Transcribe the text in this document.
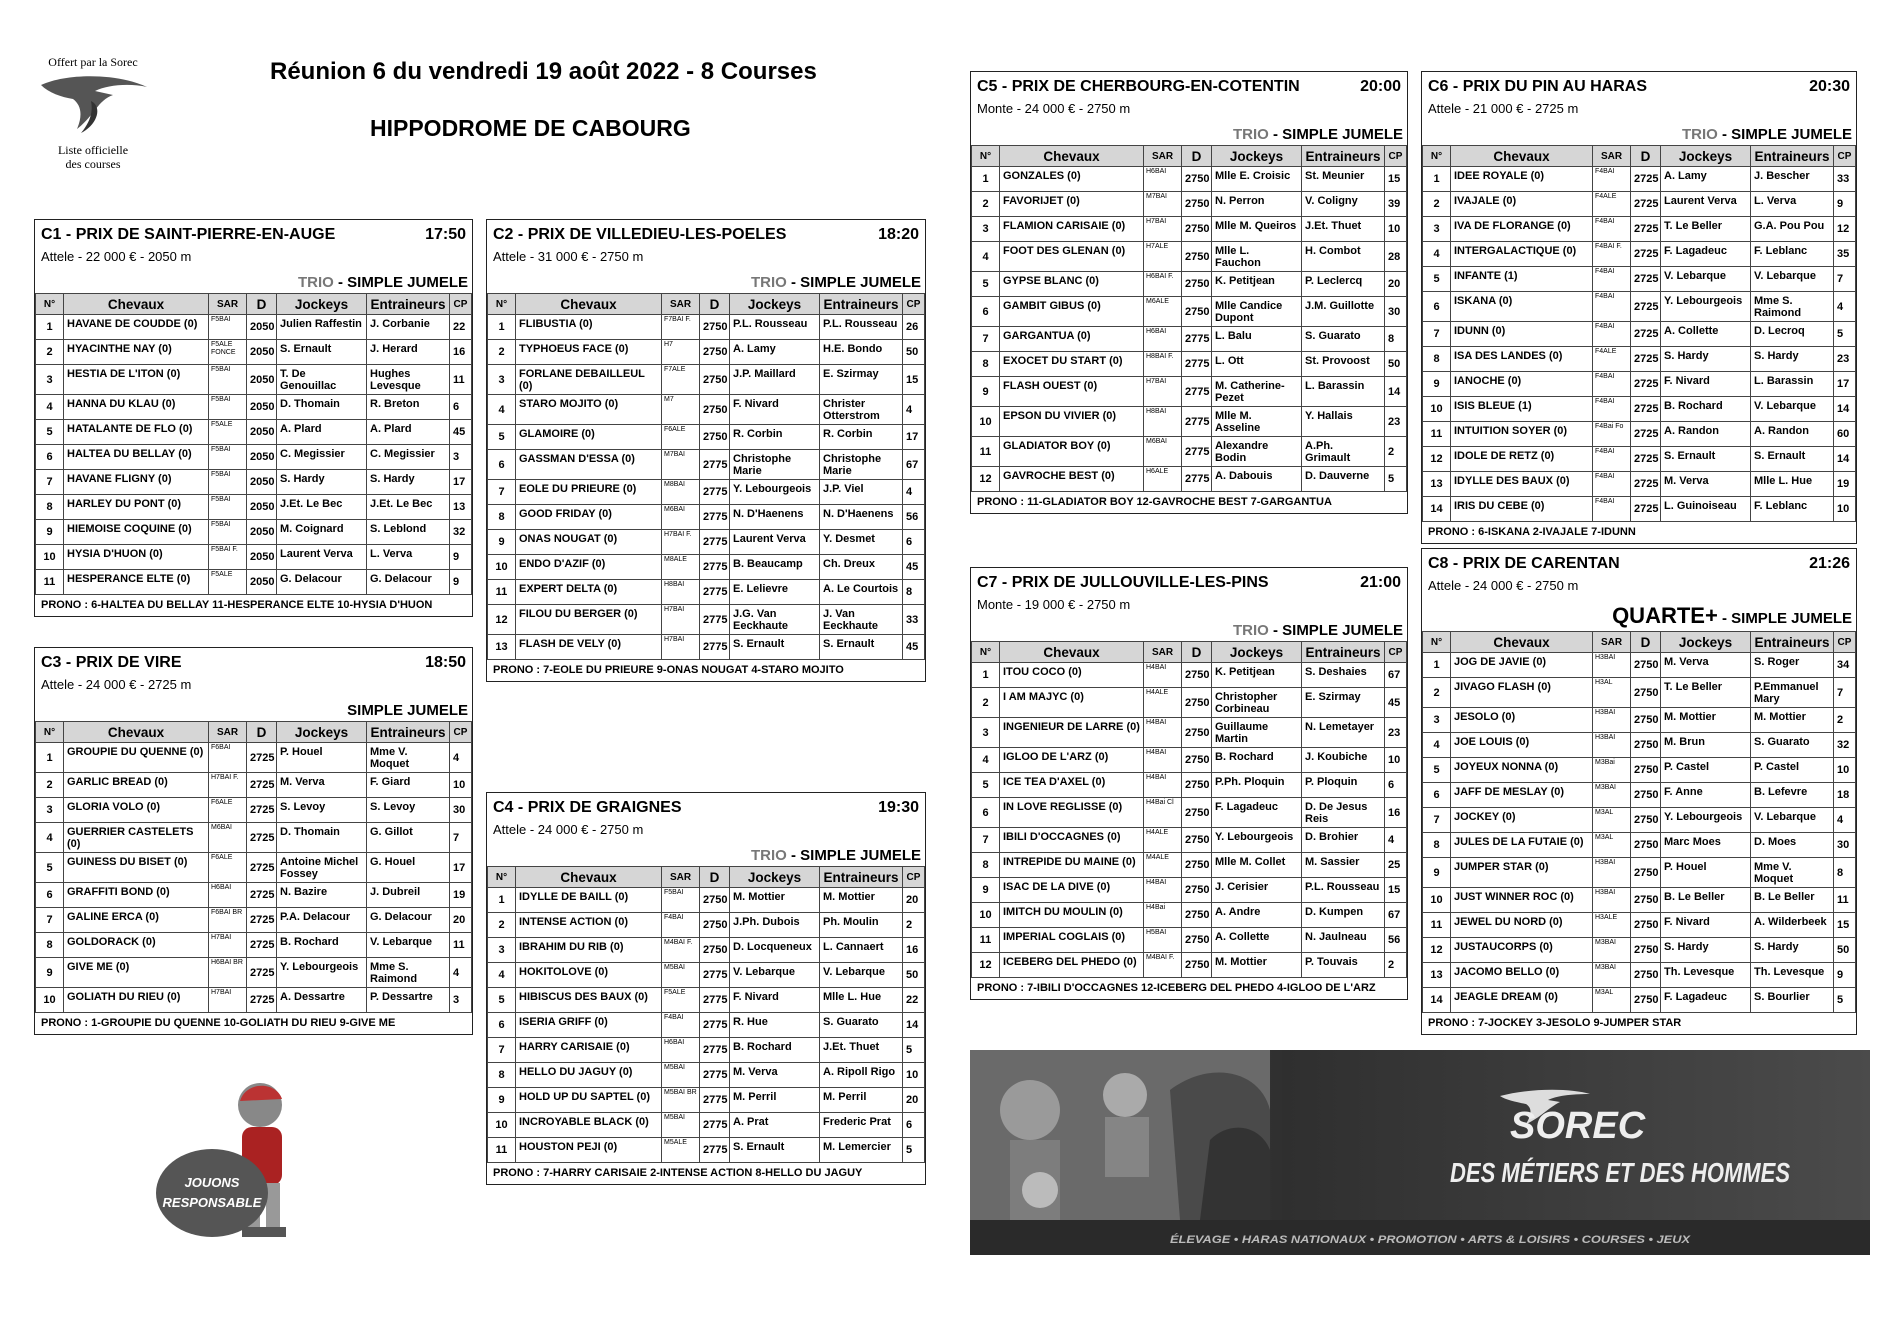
Offert par la Sorec
Liste officielle
des courses
Réunion 6 du vendredi 19 août 2022 - 8 Courses
HIPPODROME DE CABOURG
C1 - PRIX DE SAINT-PIERRE-EN-AUGE	17:50
Attele - 22 000 € - 2050 m
TRIO - SIMPLE JUMELE
N°	Chevaux	SAR	D	Jockeys	Entraineurs	CP
1	HAVANE DE COUDDE (0)	F5BAI	2050	Julien Raffestin	J. Corbanie	22
2	HYACINTHE NAY (0)	F5ALE FONCE	2050	S. Ernault	J. Herard	16
3	HESTIA DE L'ITON (0)	F5BAI	2050	T. De Genouillac	Hughes Levesque	11
4	HANNA DU KLAU (0)	F5BAI	2050	D. Thomain	R. Breton	6
5	HATALANTE DE FLO (0)	F5ALE	2050	A. Plard	A. Plard	45
6	HALTEA DU BELLAY (0)	F5BAI	2050	C. Megissier	C. Megissier	3
7	HAVANE FLIGNY (0)	F5BAI	2050	S. Hardy	S. Hardy	17
8	HARLEY DU PONT (0)	F5BAI	2050	J.Et. Le Bec	J.Et. Le Bec	13
9	HIEMOISE COQUINE (0)	F5BAI	2050	M. Coignard	S. Leblond	32
10	HYSIA D'HUON (0)	F5BAI F.	2050	Laurent Verva	L. Verva	9
11	HESPERANCE ELTE (0)	F5ALE	2050	G. Delacour	G. Delacour	9
PRONO : 6-HALTEA DU BELLAY 11-HESPERANCE ELTE 10-HYSIA D'HUON
C2 - PRIX DE VILLEDIEU-LES-POELES	18:20
Attele - 31 000 € - 2750 m
TRIO - SIMPLE JUMELE
N°	Chevaux	SAR	D	Jockeys	Entraineurs	CP
1	FLIBUSTIA (0)	F7BAI F.	2750	P.L. Rousseau	P.L. Rousseau	26
2	TYPHOEUS FACE (0)	H7	2750	A. Lamy	H.E. Bondo	50
3	FORLANE DEBAILLEUL (0)	F7ALE	2750	J.P. Maillard	E. Szirmay	15
4	STARO MOJITO (0)	M7	2750	F. Nivard	Christer Otterstrom	4
5	GLAMOIRE (0)	F6ALE	2750	R. Corbin	R. Corbin	17
6	GASSMAN D'ESSA (0)	M7BAI	2775	Christophe Marie	Christophe Marie	67
7	EOLE DU PRIEURE (0)	M8BAI	2775	Y. Lebourgeois	J.P. Viel	4
8	GOOD FRIDAY (0)	M6BAI	2775	N. D'Haenens	N. D'Haenens	56
9	ONAS NOUGAT (0)	H7BAI F.	2775	Laurent Verva	Y. Desmet	6
10	ENDO D'AZIF (0)	M8ALE	2775	B. Beaucamp	Ch. Dreux	45
11	EXPERT DELTA (0)	H8BAI	2775	E. Lelievre	A. Le Courtois	8
12	FILOU DU BERGER (0)	H7BAI	2775	J.G. Van Eeckhaute	J. Van Eeckhaute	33
13	FLASH DE VELY (0)	H7BAI	2775	S. Ernault	S. Ernault	45
PRONO : 7-EOLE DU PRIEURE 9-ONAS NOUGAT 4-STARO MOJITO
C3 - PRIX DE VIRE	18:50
Attele - 24 000 € - 2725 m
SIMPLE JUMELE
N°	Chevaux	SAR	D	Jockeys	Entraineurs	CP
1	GROUPIE DU QUENNE (0)	F6BAI	2725	P. Houel	Mme V. Moquet	4
2	GARLIC BREAD (0)	H7BAI F.	2725	M. Verva	F. Giard	10
3	GLORIA VOLO (0)	F6ALE	2725	S. Levoy	S. Levoy	30
4	GUERRIER CASTELETS (0)	M6BAI	2725	D. Thomain	G. Gillot	7
5	GUINESS DU BISET (0)	F6ALE	2725	Antoine Michel Fossey	G. Houel	17
6	GRAFFITI BOND (0)	H6BAI	2725	N. Bazire	J. Dubreil	19
7	GALINE ERCA (0)	F6BAI BR	2725	P.A. Delacour	G. Delacour	20
8	GOLDORACK (0)	H7BAI	2725	B. Rochard	V. Lebarque	11
9	GIVE ME (0)	H6BAI BR	2725	Y. Lebourgeois	Mme S. Raimond	4
10	GOLIATH DU RIEU (0)	H7BAI	2725	A. Dessartre	P. Dessartre	3
PRONO : 1-GROUPIE DU QUENNE 10-GOLIATH DU RIEU 9-GIVE ME
C4 - PRIX DE GRAIGNES	19:30
Attele - 24 000 € - 2750 m
TRIO - SIMPLE JUMELE
N°	Chevaux	SAR	D	Jockeys	Entraineurs	CP
1	IDYLLE DE BAILL (0)	F5BAI	2750	M. Mottier	M. Mottier	20
2	INTENSE ACTION (0)	F4BAI	2750	J.Ph. Dubois	Ph. Moulin	2
3	IBRAHIM DU RIB (0)	M4BAI F.	2750	D. Locqueneux	L. Cannaert	16
4	HOKITOLOVE (0)	M5BAI	2775	V. Lebarque	V. Lebarque	50
5	HIBISCUS DES BAUX (0)	F5ALE	2775	F. Nivard	Mlle L. Hue	22
6	ISERIA GRIFF (0)	F4BAI	2775	R. Hue	S. Guarato	14
7	HARRY CARISAIE (0)	H6BAI	2775	B. Rochard	J.Et. Thuet	5
8	HELLO DU JAGUY (0)	M5BAI	2775	M. Verva	A. Ripoll Rigo	10
9	HOLD UP DU SAPTEL (0)	M5BAI BR	2775	M. Perril	M. Perril	20
10	INCROYABLE BLACK (0)	M5BAI	2775	A. Prat	Frederic Prat	6
11	HOUSTON PEJI (0)	M5ALE	2775	S. Ernault	M. Lemercier	5
PRONO : 7-HARRY CARISAIE 2-INTENSE ACTION 8-HELLO DU JAGUY
C5 - PRIX DE CHERBOURG-EN-COTENTIN	20:00
Monte - 24 000 € - 2750 m
TRIO - SIMPLE JUMELE
N°	Chevaux	SAR	D	Jockeys	Entraineurs	CP
1	GONZALES (0)	H6BAI	2750	Mlle E. Croisic	St. Meunier	15
2	FAVORIJET (0)	M7BAI	2750	N. Perron	V. Coligny	39
3	FLAMION CARISAIE (0)	H7BAI	2750	Mlle M. Queiros	J.Et. Thuet	10
4	FOOT DES GLENAN (0)	H7ALE	2750	Mlle L. Fauchon	H. Combot	28
5	GYPSE BLANC (0)	H6BAI F.	2750	K. Petitjean	P. Leclercq	20
6	GAMBIT GIBUS (0)	M6ALE	2750	Mlle Candice Dupont	J.M. Guillotte	30
7	GARGANTUA (0)	H6BAI	2775	L. Balu	S. Guarato	8
8	EXOCET DU START (0)	H8BAI F.	2775	L. Ott	St. Provoost	50
9	FLASH OUEST (0)	H7BAI	2775	M. Catherine-Pezet	L. Barassin	14
10	EPSON DU VIVIER (0)	H8BAI	2775	Mlle M. Asseline	Y. Hallais	23
11	GLADIATOR BOY (0)	M6BAI	2775	Alexandre Bodin	A.Ph. Grimault	2
12	GAVROCHE BEST (0)	H6ALE	2775	A. Dabouis	D. Dauverne	5
PRONO : 11-GLADIATOR BOY 12-GAVROCHE BEST 7-GARGANTUA
C6 - PRIX DU PIN AU HARAS	20:30
Attele - 21 000 € - 2725 m
TRIO - SIMPLE JUMELE
N°	Chevaux	SAR	D	Jockeys	Entraineurs	CP
1	IDEE ROYALE (0)	F4BAI	2725	A. Lamy	J. Bescher	33
2	IVAJALE (0)	F4ALE	2725	Laurent Verva	L. Verva	9
3	IVA DE FLORANGE (0)	F4BAI	2725	T. Le Beller	G.A. Pou Pou	12
4	INTERGALACTIQUE (0)	F4BAI F.	2725	F. Lagadeuc	F. Leblanc	35
5	INFANTE (1)	F4BAI	2725	V. Lebarque	V. Lebarque	7
6	ISKANA (0)	F4BAI	2725	Y. Lebourgeois	Mme S. Raimond	4
7	IDUNN (0)	F4BAI	2725	A. Collette	D. Lecroq	5
8	ISA DES LANDES (0)	F4ALE	2725	S. Hardy	S. Hardy	23
9	IANOCHE (0)	F4BAI	2725	F. Nivard	L. Barassin	17
10	ISIS BLEUE (1)	F4BAI	2725	B. Rochard	V. Lebarque	14
11	INTUITION SOYER (0)	F4Bai Fo	2725	A. Randon	A. Randon	60
12	IDOLE DE RETZ (0)	F4BAI	2725	S. Ernault	S. Ernault	14
13	IDYLLE DES BAUX (0)	F4BAI	2725	M. Verva	Mlle L. Hue	19
14	IRIS DU CEBE (0)	F4BAI	2725	L. Guinoiseau	F. Leblanc	10
PRONO : 6-ISKANA 2-IVAJALE 7-IDUNN
C7 - PRIX DE JULLOUVILLE-LES-PINS	21:00
Monte - 19 000 € - 2750 m
TRIO - SIMPLE JUMELE
N°	Chevaux	SAR	D	Jockeys	Entraineurs	CP
1	ITOU COCO (0)	H4BAI	2750	K. Petitjean	S. Deshaies	67
2	I AM MAJYC (0)	H4ALE	2750	Christopher Corbineau	E. Szirmay	45
3	INGENIEUR DE LARRE (0)	H4BAI	2750	Guillaume Martin	N. Lemetayer	23
4	IGLOO DE L'ARZ (0)	H4BAI	2750	B. Rochard	J. Koubiche	10
5	ICE TEA D'AXEL (0)	H4BAI	2750	P.Ph. Ploquin	P. Ploquin	6
6	IN LOVE REGLISSE (0)	H4Bai Cl	2750	F. Lagadeuc	D. De Jesus Reis	16
7	IBILI D'OCCAGNES (0)	H4ALE	2750	Y. Lebourgeois	D. Brohier	4
8	INTREPIDE DU MAINE (0)	M4ALE	2750	Mlle M. Collet	M. Sassier	25
9	ISAC DE LA DIVE (0)	H4BAI	2750	J. Cerisier	P.L. Rousseau	15
10	IMITCH DU MOULIN (0)	H4Bai	2750	A. Andre	D. Kumpen	67
11	IMPERIAL COGLAIS (0)	H5BAI	2750	A. Collette	N. Jaulneau	56
12	ICEBERG DEL PHEDO (0)	M4BAI F.	2750	M. Mottier	P. Touvais	2
PRONO : 7-IBILI D'OCCAGNES 12-ICEBERG DEL PHEDO 4-IGLOO DE L'ARZ
C8 - PRIX DE CARENTAN	21:26
Attele - 24 000 € - 2750 m
QUARTE+ - SIMPLE JUMELE
N°	Chevaux	SAR	D	Jockeys	Entraineurs	CP
1	JOG DE JAVIE (0)	H3BAI	2750	M. Verva	S. Roger	34
2	JIVAGO FLASH (0)	H3AL	2750	T. Le Beller	P.Emmanuel Mary	7
3	JESOLO (0)	H3BAI	2750	M. Mottier	M. Mottier	2
4	JOE LOUIS (0)	H3BAI	2750	M. Brun	S. Guarato	32
5	JOYEUX NONNA (0)	M3Bai	2750	P. Castel	P. Castel	10
6	JAFF DE MESLAY (0)	M3BAI	2750	F. Anne	B. Lefevre	18
7	JOCKEY (0)	M3AL	2750	Y. Lebourgeois	V. Lebarque	4
8	JULES DE LA FUTAIE (0)	M3AL	2750	Marc Moes	D. Moes	30
9	JUMPER STAR (0)	H3BAI	2750	P. Houel	Mme V. Moquet	8
10	JUST WINNER ROC (0)	H3BAI	2750	B. Le Beller	B. Le Beller	11
11	JEWEL DU NORD (0)	H3ALE	2750	F. Nivard	A. Wilderbeek	15
12	JUSTAUCORPS (0)	M3BAI	2750	S. Hardy	S. Hardy	50
13	JACOMO BELLO (0)	M3BAI	2750	Th. Levesque	Th. Levesque	9
14	JEAGLE DREAM (0)	M3AL	2750	F. Lagadeuc	S. Bourlier	5
PRONO : 7-JOCKEY 3-JESOLO 9-JUMPER STAR
JOUONS
RESPONSABLE
SOREC
DES MÉTIERS ET DES HOMMES
ÉLEVAGE • HARAS NATIONAUX • PROMOTION • ARTS & LOISIRS • COURSES • JEUX
